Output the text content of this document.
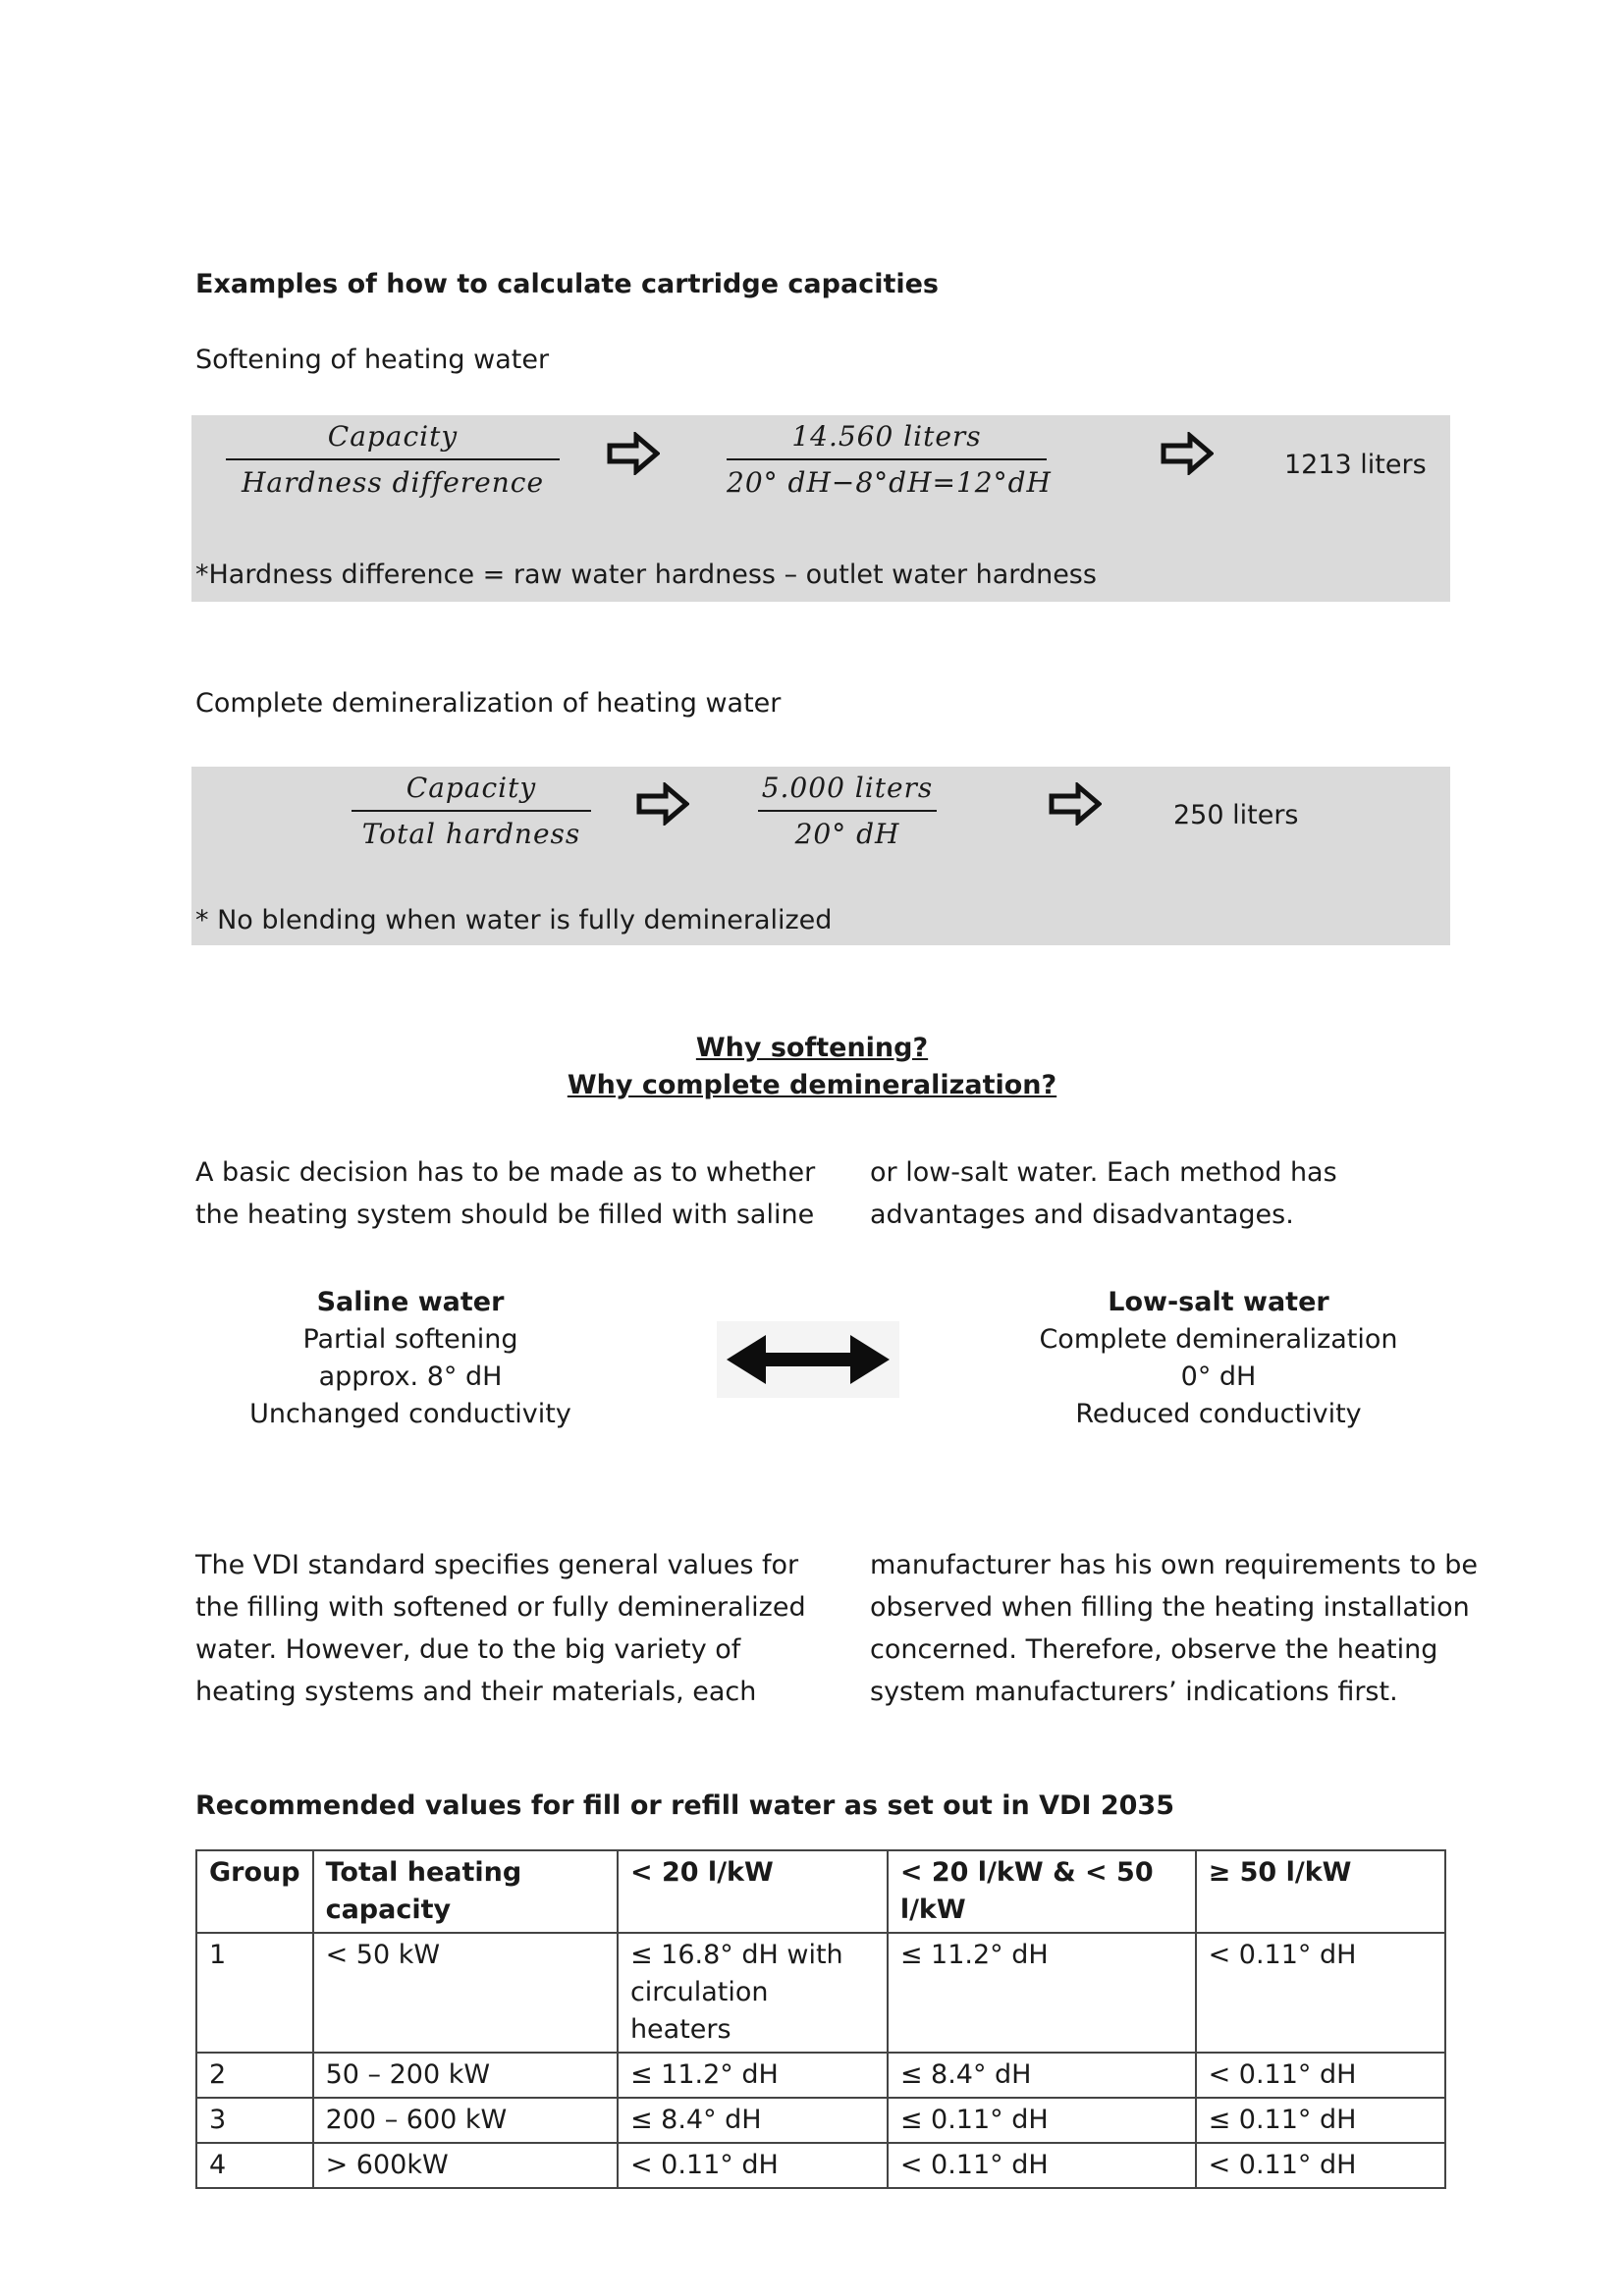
Examples of how to calculate cartridge capacities
Softening of heating water
Capacity
Hardness difference
14.560 liters
20° dH−8°dH=12°dH
1213 liters
*Hardness difference = raw water hardness – outlet water hardness
Complete demineralization of heating water
Capacity
Total hardness
5.000 liters
20° dH
250 liters
* No blending when water is fully demineralized
Why softening?
Why complete demineralization?
A basic decision has to be made as to whether
the heating system should be filled with saline
or low-salt water. Each method has
advantages and disadvantages.
Saline water
Partial softening
approx. 8° dH
Unchanged conductivity
Low-salt water
Complete demineralization
0° dH
Reduced conductivity
The VDI standard specifies general values for
the filling with softened or fully demineralized
water. However, due to the big variety of
heating systems and their materials, each
manufacturer has his own requirements to be
observed when filling the heating installation
concerned. Therefore, observe the heating
system manufacturers’ indications first.
Recommended values for fill or refill water as set out in VDI 2035
Group	Total heating capacity	< 20 l/kW	< 20 l/kW & < 50 l/kW	≥ 50 l/kW
1	< 50 kW	≤ 16.8° dH with circulation heaters	≤ 11.2° dH	< 0.11° dH
2	50 – 200 kW	≤ 11.2° dH	≤ 8.4° dH	< 0.11° dH
3	200 – 600 kW	≤ 8.4° dH	≤ 0.11° dH	≤ 0.11° dH
4	> 600kW	< 0.11° dH	< 0.11° dH	< 0.11° dH
